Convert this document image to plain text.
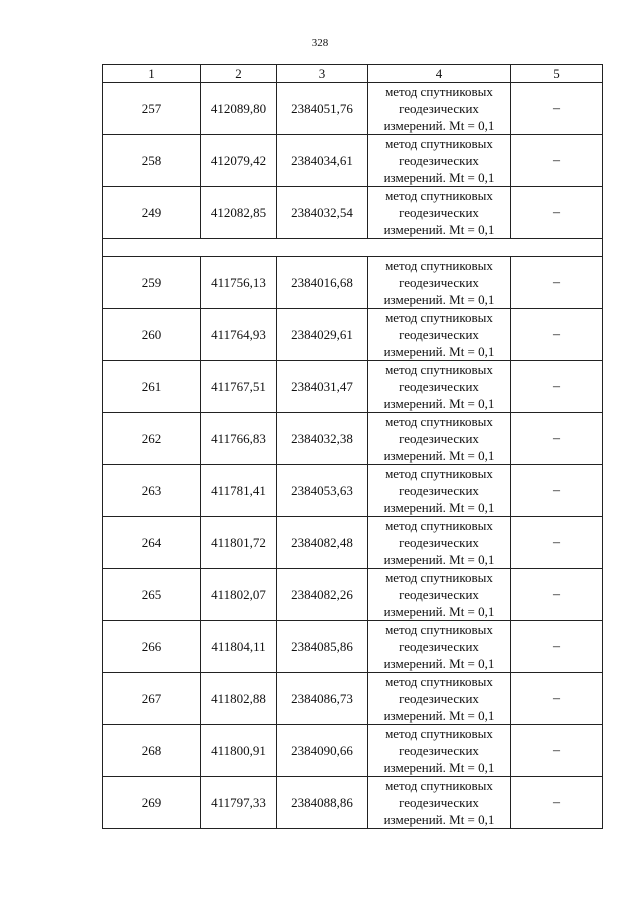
328
1	2	3	4	5
257	412089,80	2384051,76	метод спутниковых
геодезических
измерений. Mt = 0,1	–
258	412079,42	2384034,61	метод спутниковых
геодезических
измерений. Mt = 0,1	–
249	412082,85	2384032,54	метод спутниковых
геодезических
измерений. Mt = 0,1	–

259	411756,13	2384016,68	метод спутниковых
геодезических
измерений. Mt = 0,1	–
260	411764,93	2384029,61	метод спутниковых
геодезических
измерений. Mt = 0,1	–
261	411767,51	2384031,47	метод спутниковых
геодезических
измерений. Mt = 0,1	–
262	411766,83	2384032,38	метод спутниковых
геодезических
измерений. Mt = 0,1	–
263	411781,41	2384053,63	метод спутниковых
геодезических
измерений. Mt = 0,1	–
264	411801,72	2384082,48	метод спутниковых
геодезических
измерений. Mt = 0,1	–
265	411802,07	2384082,26	метод спутниковых
геодезических
измерений. Mt = 0,1	–
266	411804,11	2384085,86	метод спутниковых
геодезических
измерений. Mt = 0,1	–
267	411802,88	2384086,73	метод спутниковых
геодезических
измерений. Mt = 0,1	–
268	411800,91	2384090,66	метод спутниковых
геодезических
измерений. Mt = 0,1	–
269	411797,33	2384088,86	метод спутниковых
геодезических
измерений. Mt = 0,1	–
